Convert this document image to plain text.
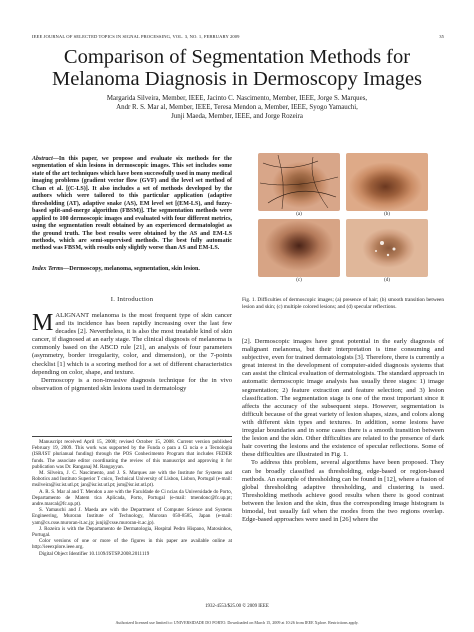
IEEE JOURNAL OF SELECTED TOPICS IN SIGNAL PROCESSING, VOL. 3, NO. 1, FEBRUARY 2009	35
Comparison of Segmentation Methods for Melanoma Diagnosis in Dermoscopy Images
Margarida Silveira, Member, IEEE, Jacinto C. Nascimento, Member, IEEE, Jorge S. Marques,
Andr R. S. Mar al, Member, IEEE, Teresa Mendon a, Member, IEEE, Syogo Yamauchi,
Junji Maeda, Member, IEEE, and Jorge Rozeira
Abstract—In this paper, we propose and evaluate six methods for the segmentation of skin lesions in dermoscopic images. This set includes some state of the art techniques which have been successfully used in many medical imaging problems (gradient vector flow (GVF) and the level set method of Chan et al. [(C-LS)]. It also includes a set of methods developed by the authors which were tailored to this particular application (adaptive thresholding (AT), adaptive snake (AS), EM level set [(EM-LS), and fuzzy-based split-and-merge algorithm (FBSM)]. The segmentation methods were applied to 100 dermoscopic images and evaluated with four different metrics, using the segmentation result obtained by an experienced dermatologist as the ground truth. The best results were obtained by the AS and EM-LS methods, which are semi-supervised methods. The best fully automatic method was FBSM, with results only slightly worse than AS and EM-LS.
Index Terms—Dermoscopy, melanoma, segmentation, skin lesion.
I. Introduction

MALIGNANT melanoma is the most frequent type of skin cancer and its incidence has been rapidly increasing over the last few decades [2]. Nevertheless, it is also the most treatable kind of skin cancer, if diagnosed at an early stage. The clinical diagnosis of melanoma is commonly based on the ABCD rule [21], an analysis of four parameters (asymmetry, border irregularity, color, and dimension), or the 7-points checklist [1] which is a scoring method for a set of different characteristics depending on color, shape, and texture.

Dermoscopy is a non-invasive diagnosis technique for the in vivo observation of pigmented skin lesions used in dermatology

Manuscript received April 15, 2008; revised October 15, 2008. Current version published February 19, 2009. This work was supported by the Funda o para a Ci ncia e a Tecnologia (ISR/IST plurianual funding) through the POS Conhecimento Program that includes FEDER funds. The associate editor coordinating the review of this manuscript and approving it for publication was Dr. Ranganaj M. Rangayyan.

M. Silveira, J. C. Nascimento, and J. S. Marques are with the Institute for Systems and Robotics and Instituto Superior T cnico, Technical University of Lisbon, Lisbon, Portugal (e-mail: msilveira@isr.ist.utl.pt; jan@isr.ist.utl.pt; jsm@isr.ist.utl.pt).

A. R. S. Mar al and T. Mendon a are with the Faculdade de Ci ncias da Universidade do Porto, Departamento de Matem tica Aplicada, Porto, Portugal (e-mail: tmendonc@fc.up.pt; andre.marcal@fc.up.pt).

S. Yamauchi and J. Maeda are with the Department of Computer Science and Systems Engineering, Muroran Institute of Technology, Muroran 050-8585, Japan (e-mail: yam@cs.csse.muroran-it.ac.jp; junji@csse.muroran-it.ac.jp).

J. Rozeira is with the Departamento de Dermatologia, Hospital Pedro Hispano, Matosinhos, Portugal.

Color versions of one or more of the figures in this paper are available online at http://ieeexplore.ieee.org.

Digital Object Identifier 10.1109/JSTSP.2008.2011119

(a)	(b)
(c)	(d)
Fig. 1. Difficulties of dermoscopic images; (a) presence of hair; (b) smooth transition between lesion and skin; (c) multiple colored lesions; and (d) specular reflections.

[2]. Dermoscopic images have great potential in the early diagnosis of malignant melanoma, but their interpretation is time consuming and subjective, even for trained dermatologists [3]. Therefore, there is currently a great interest in the development of computer-aided diagnosis systems that can assist the clinical evaluation of dermatologists. The standard approach in automatic dermoscopic image analysis has usually three stages: 1) image segmentation; 2) feature extraction and feature selection; and 3) lesion classification. The segmentation stage is one of the most important since it affects the accuracy of the subsequent steps. However, segmentation is difficult because of the great variety of lesion shapes, sizes, and colors along with different skin types and textures. In addition, some lesions have irregular boundaries and in some cases there is a smooth transition between the lesion and the skin. Other difficulties are related to the presence of dark hair covering the lesions and the existence of specular reflections. Some of these difficulties are illustrated in Fig. 1.

To address this problem, several algorithms have been proposed. They can be broadly classified as thresholding, edge-based or region-based methods. An example of thresholding can be found in [12], where a fusion of global thresholding adaptive thresholding, and clustering is used. Thresholding methods achieve good results when there is good contrast between the lesion and the skin, thus the corresponding image histogram is bimodal, but usually fail when the modes from the two regions overlap. Edge-based approaches were used in [26] where the

1932-4553/$25.00 © 2009 IEEE
Authorized licensed use limited to: UNIVERSIDADE DO PORTO. Downloaded on March 15, 2009 at 10:26 from IEEE Xplore. Restrictions apply.
